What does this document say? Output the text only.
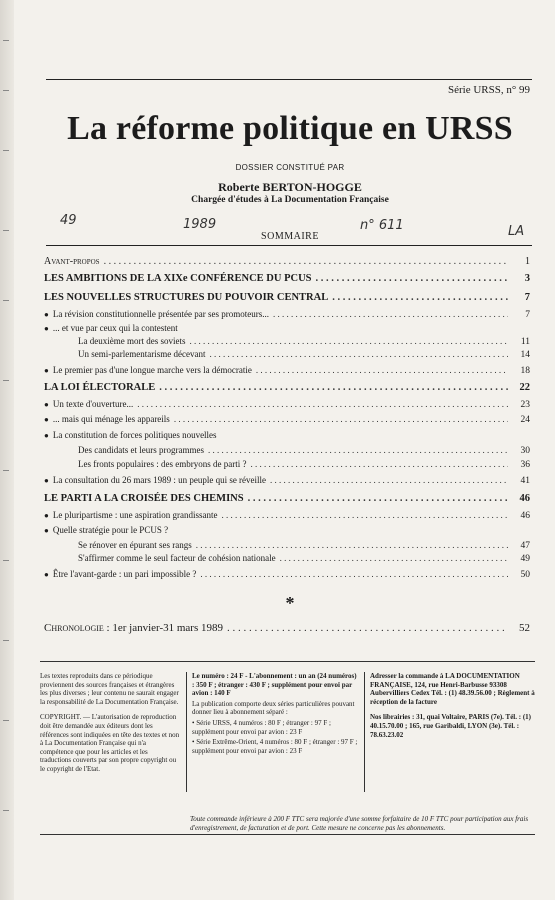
Série URSS, n° 99
La réforme politique en URSS
DOSSIER CONSTITUÉ PAR
Roberte BERTON-HOGGE
Chargée d'études à La Documentation Française
49	1989	n° 611	LA
SOMMAIRE
Avant-propos . . .	1
LES AMBITIONS DE LA XIXe CONFÉRENCE DU PCUS . . .	3
LES NOUVELLES STRUCTURES DU POUVOIR CENTRAL . . .	7
● La révision constitutionnelle présentée par ses promoteurs... . . .	7
● ... et vue par ceux qui la contestent
La deuxième mort des soviets . . .	11
Un semi-parlementarisme décevant . . .	14
● Le premier pas d'une longue marche vers la démocratie . . .	18
LA LOI ÉLECTORALE . . .	22
● Un texte d'ouverture... . . .	23
● ... mais qui ménage les appareils . . .	24
● La constitution de forces politiques nouvelles
Des candidats et leurs programmes . . .	30
Les fronts populaires : des embryons de parti ? . . .	36
● La consultation du 26 mars 1989 : un peuple qui se réveille . . .	41
LE PARTI A LA CROISÉE DES CHEMINS . . .	46
● Le pluripartisme : une aspiration grandissante . . .	46
● Quelle stratégie pour le PCUS ?
Se rénover en épurant ses rangs . . .	47
S'affirmer comme le seul facteur de cohésion nationale . . .	49
● Être l'avant-garde : un pari impossible ? . . .	50
*
Chronologie : 1er janvier-31 mars 1989 . . .	52

Les textes reproduits dans ce périodique proviennent des sources françaises et étrangères les plus diverses ; leur contenu ne saurait engager la responsabilité de La Documentation Française.

COPYRIGHT. — L'autorisation de reproduction doit être demandée aux éditeurs dont les références sont indiquées en tête des textes et non à La Documentation Française qui n'a compétence que pour les articles et les traductions couverts par son propre copyright ou le copyright de l'Etat.

Le numéro : 24 F - L'abonnement : un an (24 numéros) : 350 F ; étranger : 430 F ; supplément pour envoi par avion : 140 F

La publication comporte deux séries particulières pouvant donner lieu à abonnement séparé :

• Série URSS, 4 numéros : 80 F ; étranger : 97 F ; supplément pour envoi par avion : 23 F

• Série Extrême-Orient, 4 numéros : 80 F ; étranger : 97 F ; supplément pour envoi par avion : 23 F

Adresser la commande à LA DOCUMENTATION FRANÇAISE, 124, rue Henri-Barbusse 93308 Aubervilliers Cedex Tél. : (1) 48.39.56.00 ; Règlement à réception de la facture

Nos librairies : 31, quai Voltaire, PARIS (7e). Tél. : (1) 40.15.70.00 ; 165, rue Garibaldi, LYON (3e). Tél. : 78.63.23.02

Toute commande inférieure à 200 F TTC sera majorée d'une somme forfaitaire de 10 F TTC pour participation aux frais d'enregistrement, de facturation et de port. Cette mesure ne concerne pas les abonnements.
